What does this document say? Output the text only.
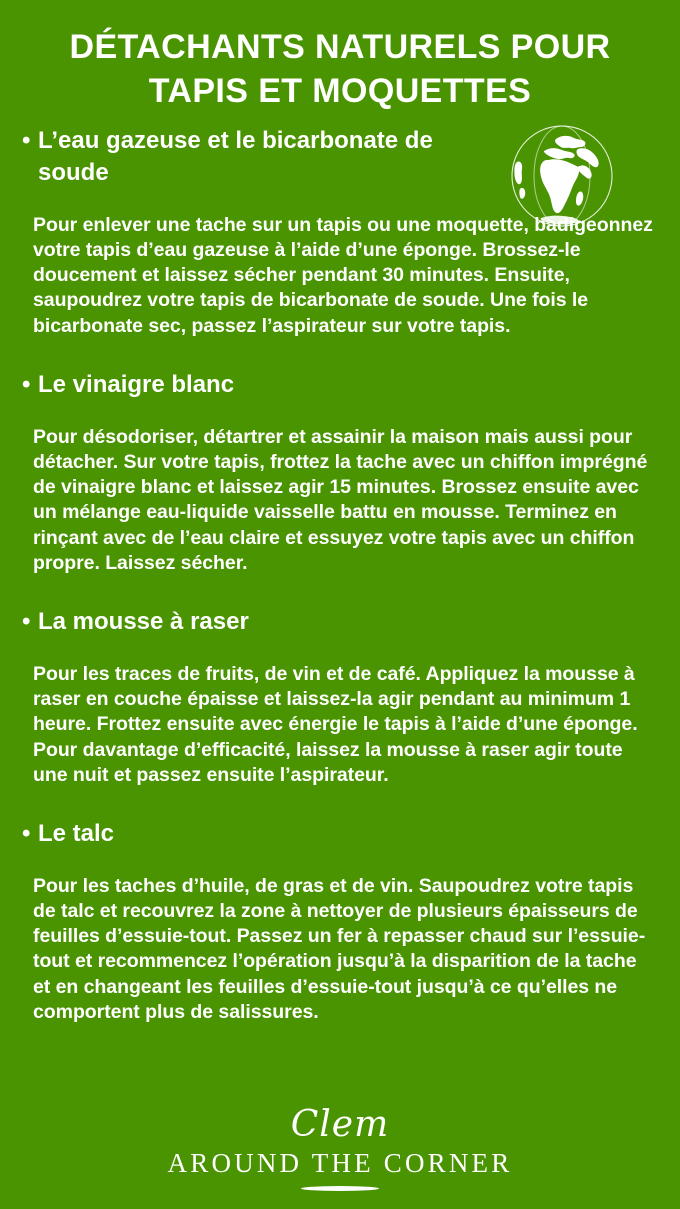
DÉTACHANTS NATURELS POUR
TAPIS ET MOQUETTES
• L’eau gazeuse et le bicarbonate de soude

Pour enlever une tache sur un tapis ou une moquette, badigeonnez votre tapis d’eau gazeuse à l’aide d’une éponge. Brossez-le doucement et laissez sécher pendant 30 minutes. Ensuite, saupoudrez votre tapis de bicarbonate de soude. Une fois le bicarbonate sec, passez l’aspirateur sur votre tapis.

• Le vinaigre blanc

Pour désodoriser, détartrer et assainir la maison mais aussi pour détacher. Sur votre tapis, frottez la tache avec un chiffon imprégné de vinaigre blanc et laissez agir 15 minutes. Brossez ensuite avec un mélange eau-liquide vaisselle battu en mousse. Terminez en rinçant avec de l’eau claire et essuyez votre tapis avec un chiffon propre. Laissez sécher.

• La mousse à raser

Pour les traces de fruits, de vin et de café. Appliquez la mousse à raser en couche épaisse et laissez-la agir pendant au minimum 1 heure. Frottez ensuite avec énergie le tapis à l’aide d’une éponge. Pour davantage d’efficacité, laissez la mousse à raser agir toute une nuit et passez ensuite l’aspirateur.

• Le talc

Pour les taches d’huile, de gras et de vin. Saupoudrez votre tapis de talc et recouvrez la zone à nettoyer de plusieurs épaisseurs de feuilles d’essuie-tout. Passez un fer à repasser chaud sur l’essuie-tout et recommencez l’opération jusqu’à la disparition de la tache et en changeant les feuilles d’essuie-tout jusqu’à ce qu’elles ne comportent plus de salissures.

Clem
AROUND THE CORNER
